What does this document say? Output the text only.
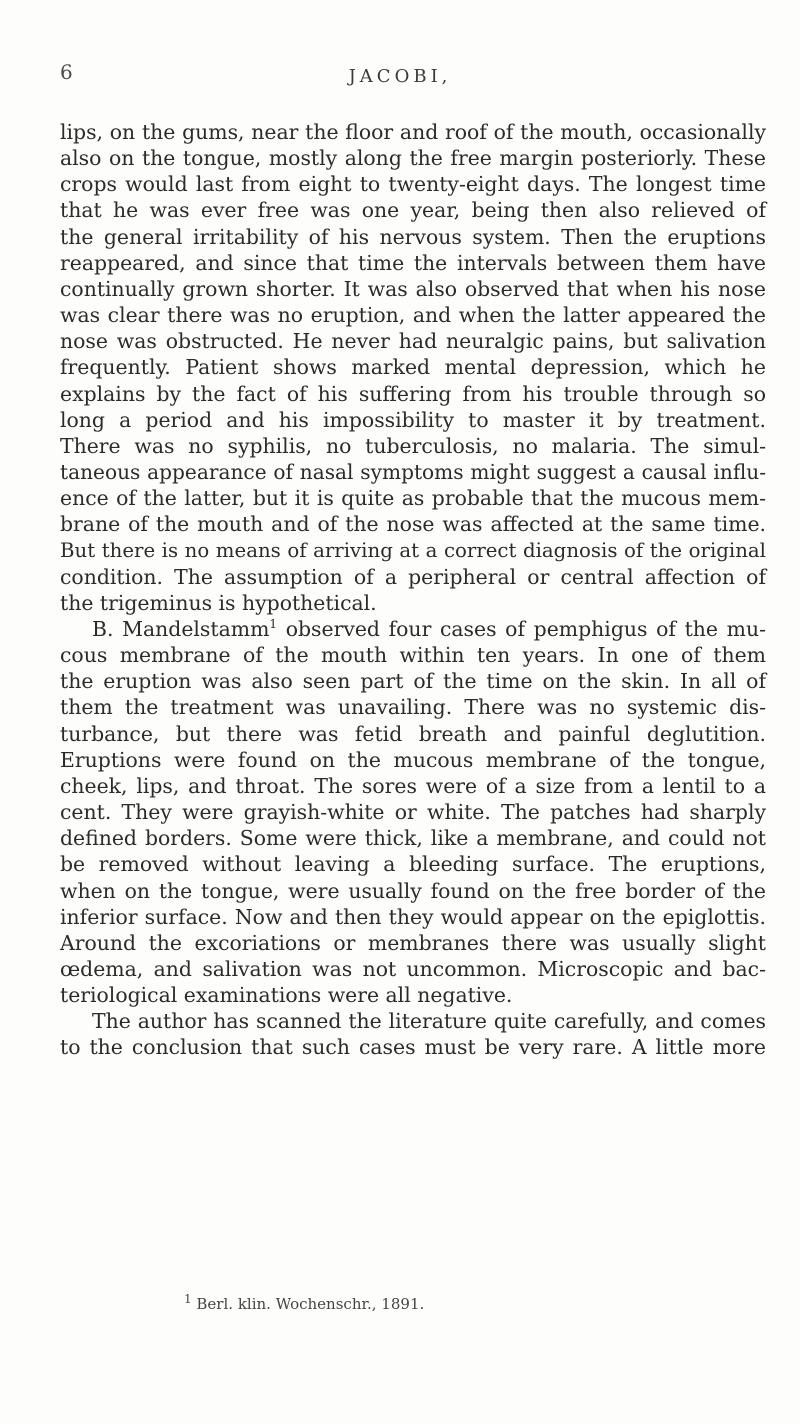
6	JACOBI,
lips, on the gums, near the floor and roof of the mouth, occasionally
also on the tongue, mostly along the free margin posteriorly. These
crops would last from eight to twenty-eight days. The longest time
that he was ever free was one year, being then also relieved of
the general irritability of his nervous system. Then the eruptions
reappeared, and since that time the intervals between them have
continually grown shorter. It was also observed that when his nose
was clear there was no eruption, and when the latter appeared the
nose was obstructed. He never had neuralgic pains, but salivation
frequently. Patient shows marked mental depression, which he
explains by the fact of his suffering from his trouble through so
long a period and his impossibility to master it by treatment.
There was no syphilis, no tuberculosis, no malaria. The simul-
taneous appearance of nasal symptoms might suggest a causal influ-
ence of the latter, but it is quite as probable that the mucous mem-
brane of the mouth and of the nose was affected at the same time.
But there is no means of arriving at a correct diagnosis of the original
condition. The assumption of a peripheral or central affection of
the trigeminus is hypothetical.
B. Mandelstamm$^1$ observed four cases of pemphigus of the mu-
cous membrane of the mouth within ten years. In one of them
the eruption was also seen part of the time on the skin. In all of
them the treatment was unavailing. There was no systemic dis-
turbance, but there was fetid breath and painful deglutition.
Eruptions were found on the mucous membrane of the tongue,
cheek, lips, and throat. The sores were of a size from a lentil to a
cent. They were grayish-white or white. The patches had sharply
defined borders. Some were thick, like a membrane, and could not
be removed without leaving a bleeding surface. The eruptions,
when on the tongue, were usually found on the free border of the
inferior surface. Now and then they would appear on the epiglottis.
Around the excoriations or membranes there was usually slight
œdema, and salivation was not uncommon. Microscopic and bac-
teriological examinations were all negative.
The author has scanned the literature quite carefully, and comes
to the conclusion that such cases must be very rare. A little more
$^1$ Berl. klin. Wochenschr., 1891.
